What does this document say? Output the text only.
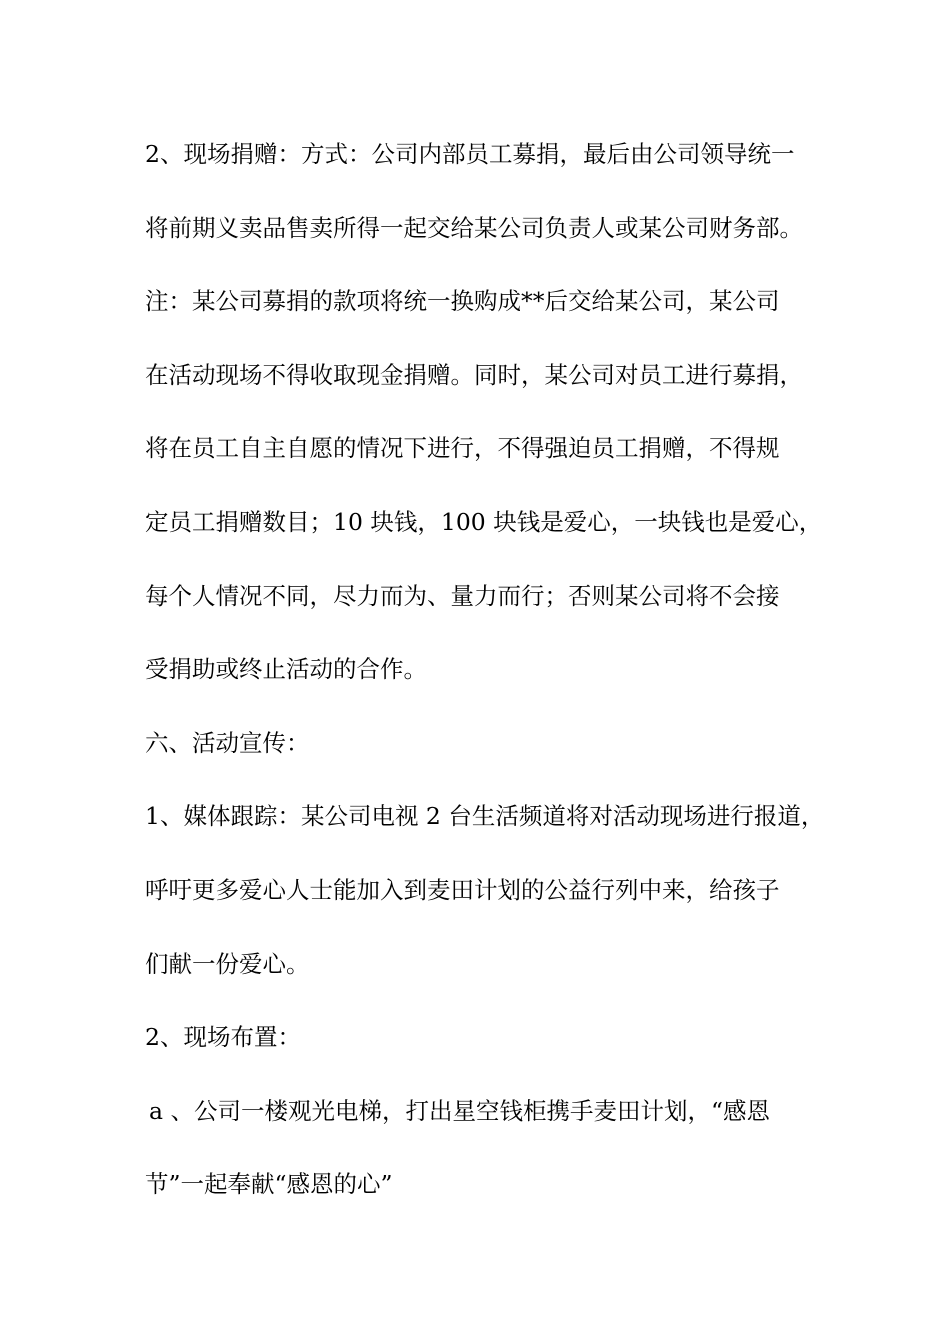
2、现场捐赠：方式：公司内部员工募捐，最后由公司领导统一
将前期义卖品售卖所得一起交给某公司负责人或某公司财务部。
注：某公司募捐的款项将统一换购成**后交给某公司，某公司
在活动现场不得收取现金捐赠。同时，某公司对员工进行募捐，
将在员工自主自愿的情况下进行，不得强迫员工捐赠，不得规
定员工捐赠数目；10 块钱，100 块钱是爱心，一块钱也是爱心，
每个人情况不同，尽力而为、量力而行；否则某公司将不会接
受捐助或终止活动的合作。
六、活动宣传：
1、媒体跟踪：某公司电视 2 台生活频道将对活动现场进行报道，
呼吁更多爱心人士能加入到麦田计划的公益行列中来，给孩子
们献一份爱心。
2、现场布置：
a 、公司一楼观光电梯，打出星空钱柜携手麦田计划，“感恩
节”一起奉献“感恩的心”
